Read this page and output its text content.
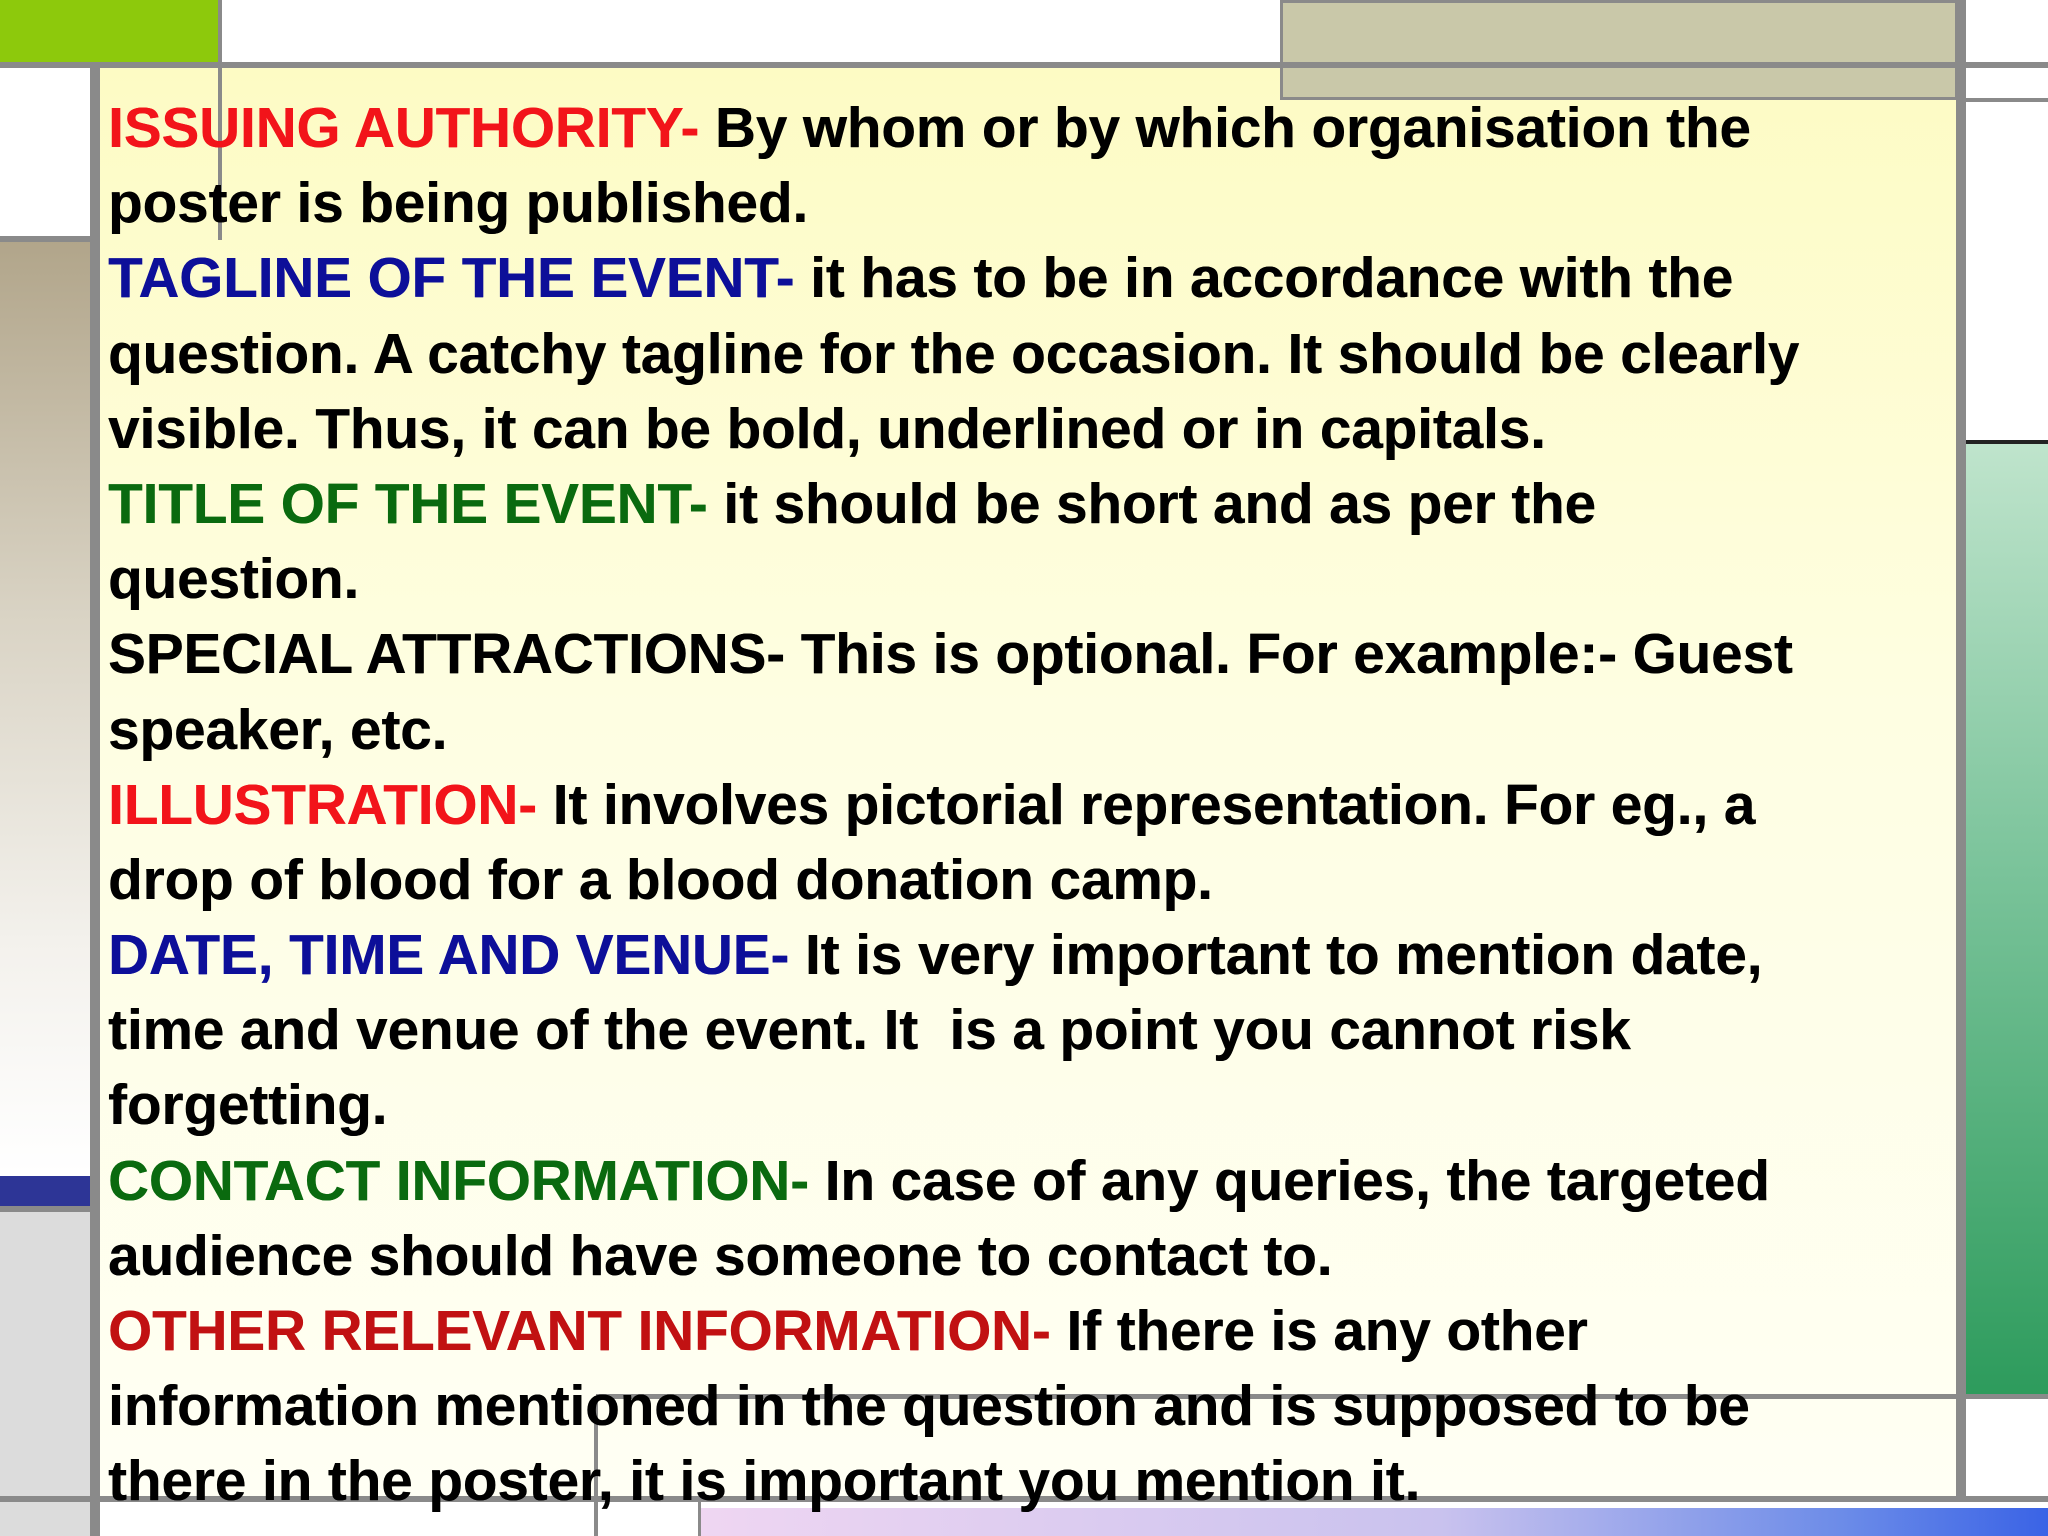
ISSUING AUTHORITY- By whom or by which organisation the
poster is being published.
TAGLINE OF THE EVENT- it has to be in accordance with the
question. A catchy tagline for the occasion. It should be clearly
visible. Thus, it can be bold, underlined or in capitals.
TITLE OF THE EVENT- it should be short and as per the
question.
SPECIAL ATTRACTIONS- This is optional. For example:- Guest
speaker, etc.
ILLUSTRATION- It involves pictorial representation. For eg., a
drop of blood for a blood donation camp.
DATE, TIME AND VENUE- It is very important to mention date,
time and venue of the event. It  is a point you cannot risk
forgetting.
CONTACT INFORMATION- In case of any queries, the targeted
audience should have someone to contact to.
OTHER RELEVANT INFORMATION- If there is any other
information mentioned in the question and is supposed to be
there in the poster, it is important you mention it.
